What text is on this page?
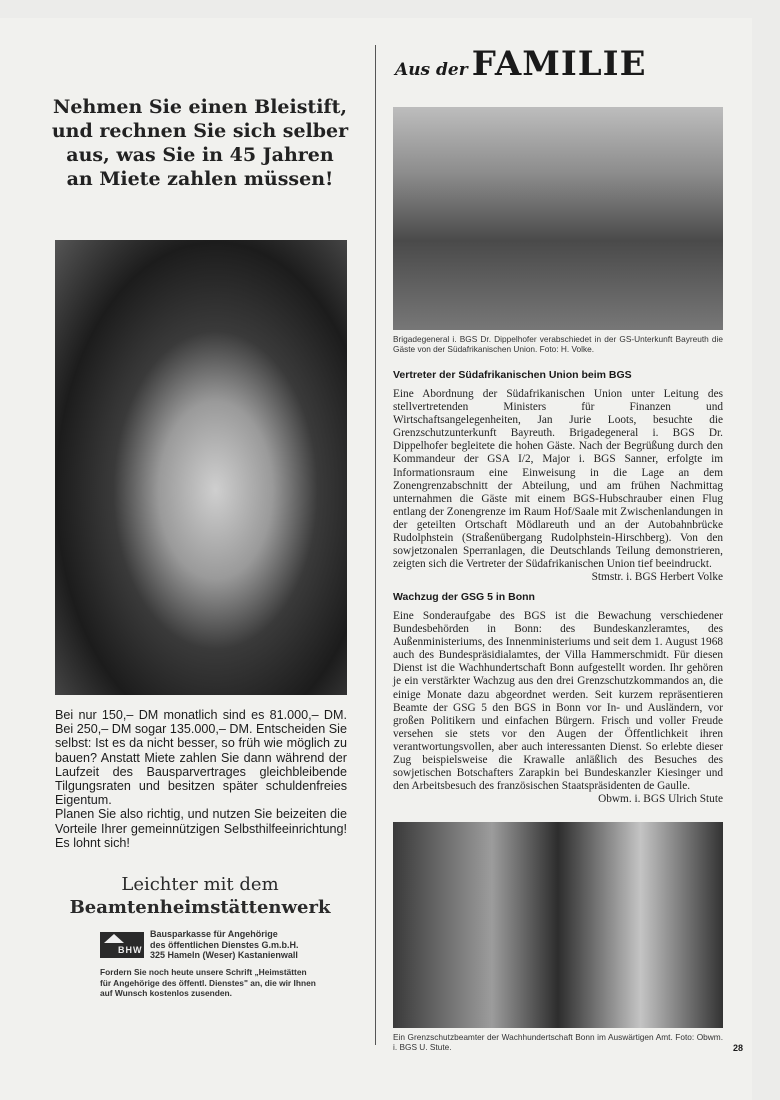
Nehmen Sie einen Bleistift, und rechnen Sie sich selber aus, was Sie in 45 Jahren an Miete zahlen müssen!

Bei nur 150,– DM monatlich sind es 81.000,– DM. Bei 250,– DM sogar 135.000,– DM. Entscheiden Sie selbst: Ist es da nicht besser, so früh wie möglich zu bauen? Anstatt Miete zahlen Sie dann während der Laufzeit des Bausparvertrages gleichbleibende Tilgungsraten und besitzen später schuldenfreies Eigentum.

Planen Sie also richtig, und nutzen Sie beizeiten die Vorteile Ihrer gemeinnützigen Selbsthilfeeinrichtung! Es lohnt sich!

Leichter mit dem
Beamtenheimstättenwerk
BHW
Bausparkasse für Angehörige
des öffentlichen Dienstes G.m.b.H.
325 Hameln (Weser) Kastanienwall
Fordern Sie noch heute unsere Schrift „Heimstätten für Angehörige des öffentl. Dienstes" an, die wir Ihnen auf Wunsch kostenlos zusenden.
Aus der FAMILIE
Brigadegeneral i. BGS Dr. Dippelhofer verabschiedet in der GS-Unterkunft Bayreuth die Gäste von der Südafrikanischen Union. Foto: H. Volke.
Vertreter der Südafrikanischen Union beim BGS
Eine Abordnung der Südafrikanischen Union unter Leitung des stellvertretenden Ministers für Finanzen und Wirtschaftsangelegenheiten, Jan Jurie Loots, besuchte die Grenzschutzunterkunft Bayreuth. Brigadegeneral i. BGS Dr. Dippelhofer begleitete die hohen Gäste. Nach der Begrüßung durch den Kommandeur der GSA I/2, Major i. BGS Sanner, erfolgte im Informationsraum eine Einweisung in die Lage an dem Zonengrenzabschnitt der Abteilung, und am frühen Nachmittag unternahmen die Gäste mit einem BGS-Hubschrauber einen Flug entlang der Zonengrenze im Raum Hof/Saale mit Zwischenlandungen in der geteilten Ortschaft Mödlareuth und an der Autobahnbrücke Rudolphstein (Straßenübergang Rudolphstein-Hirschberg). Von den sowjetzonalen Sperranlagen, die Deutschlands Teilung demonstrieren, zeigten sich die Vertreter der Südafrikanischen Union tief beeindruckt.
Stmstr. i. BGS Herbert Volke
Wachzug der GSG 5 in Bonn
Eine Sonderaufgabe des BGS ist die Bewachung verschiedener Bundesbehörden in Bonn: des Bundeskanzleramtes, des Außenministeriums, des Innenministeriums und seit dem 1. August 1968 auch des Bundespräsidialamtes, der Villa Hammerschmidt. Für diesen Dienst ist die Wachhundertschaft Bonn aufgestellt worden. Ihr gehören je ein verstärkter Wachzug aus den drei Grenzschutzkommandos an, die einige Monate dazu abgeordnet werden. Seit kurzem repräsentieren Beamte der GSG 5 den BGS in Bonn vor In- und Ausländern, vor großen Politikern und einfachen Bürgern. Frisch und voller Freude versehen sie stets vor den Augen der Öffentlichkeit ihren verantwortungsvollen, aber auch interessanten Dienst. So erlebte dieser Zug beispielsweise die Krawalle anläßlich des Besuches des sowjetischen Botschafters Zarapkin bei Bundeskanzler Kiesinger und den Arbeitsbesuch des französischen Staatspräsidenten de Gaulle.
Obwm. i. BGS Ulrich Stute
Ein Grenzschutzbeamter der Wachhundertschaft Bonn im Auswärtigen Amt. Foto: Obwm. i. BGS U. Stute.	28
